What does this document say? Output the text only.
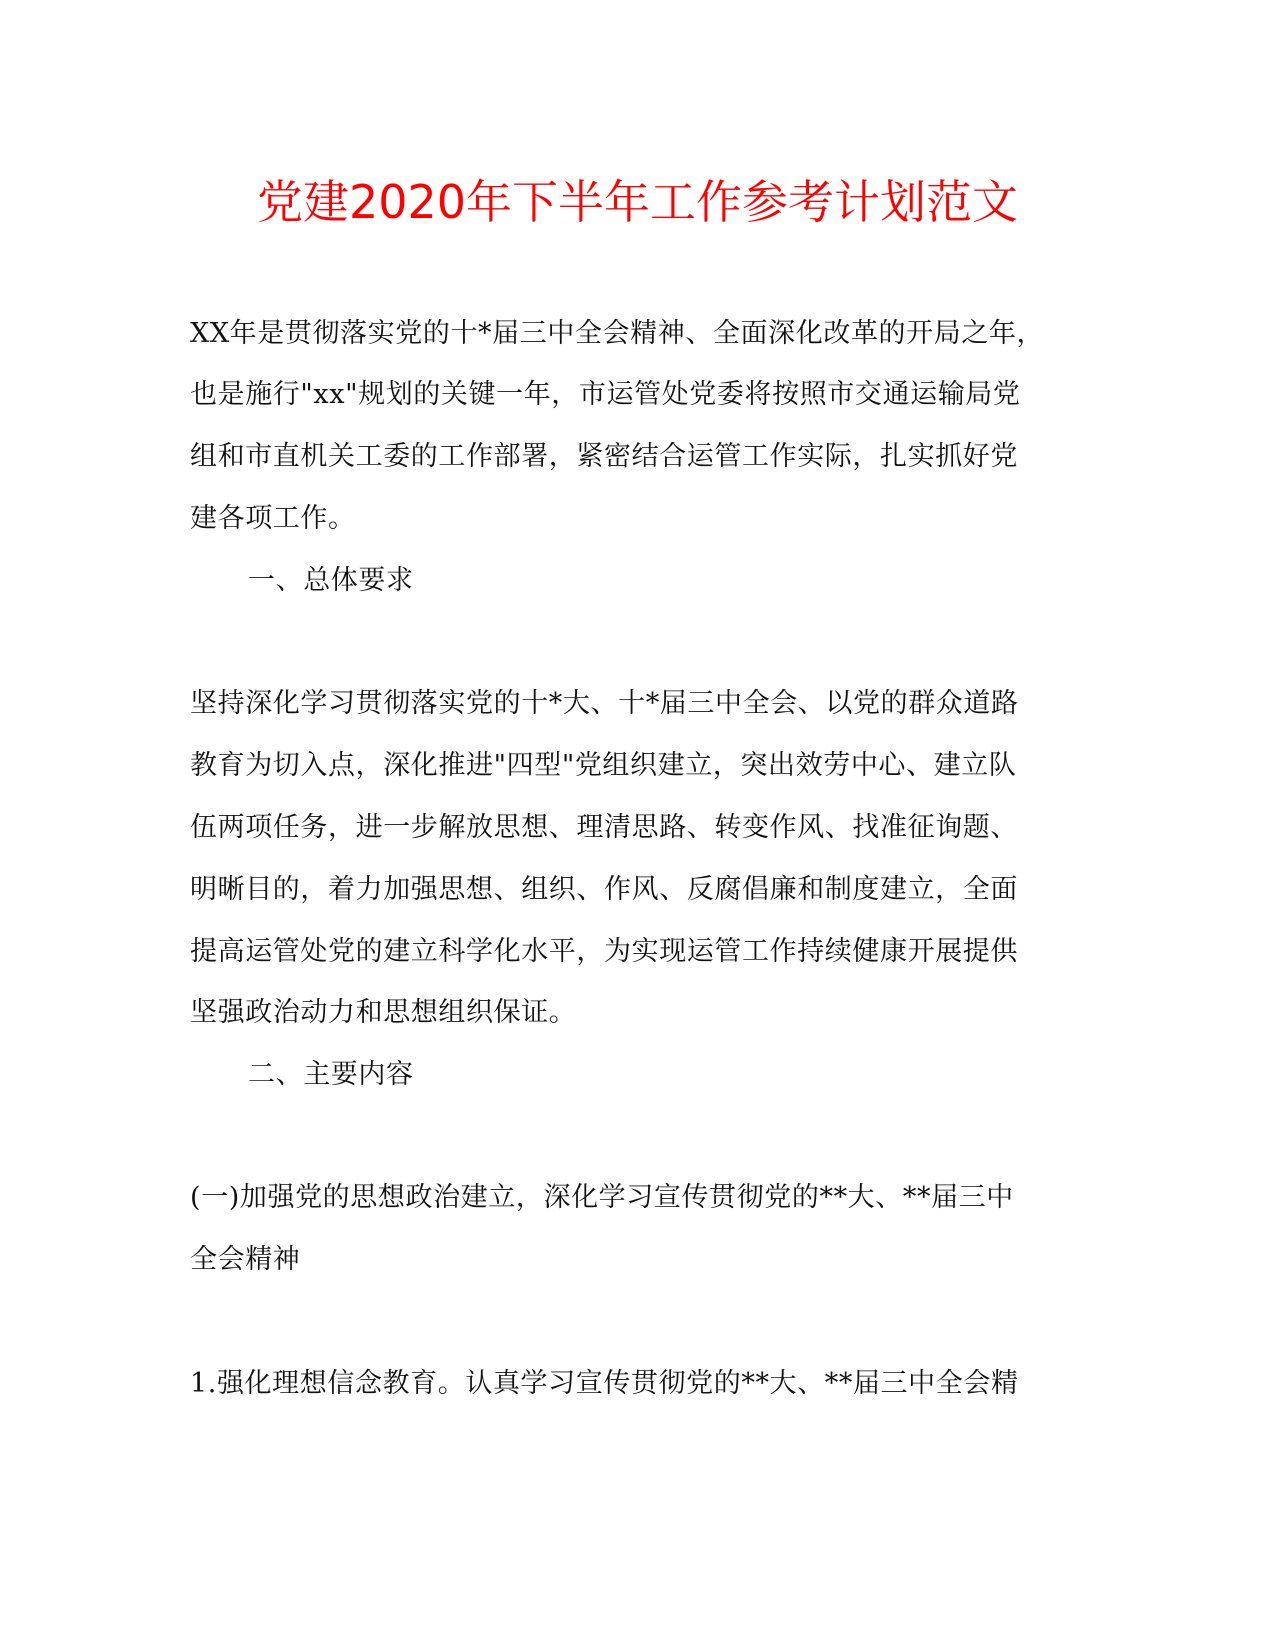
党建2020年下半年工作参考计划范文
XX年是贯彻落实党的十*届三中全会精神、全面深化改革的开局之年，
也是施行"xx"规划的关键一年，市运管处党委将按照市交通运输局党
组和市直机关工委的工作部署，紧密结合运管工作实际，扎实抓好党
建各项工作。
一、总体要求
坚持深化学习贯彻落实党的十*大、十*届三中全会、以党的群众道路
教育为切入点，深化推进"四型"党组织建立，突出效劳中心、建立队
伍两项任务，进一步解放思想、理清思路、转变作风、找准征询题、
明晰目的，着力加强思想、组织、作风、反腐倡廉和制度建立，全面
提高运管处党的建立科学化水平，为实现运管工作持续健康开展提供
坚强政治动力和思想组织保证。
二、主要内容
(一)加强党的思想政治建立，深化学习宣传贯彻党的**大、**届三中
全会精神
1.强化理想信念教育。认真学习宣传贯彻党的**大、**届三中全会精
